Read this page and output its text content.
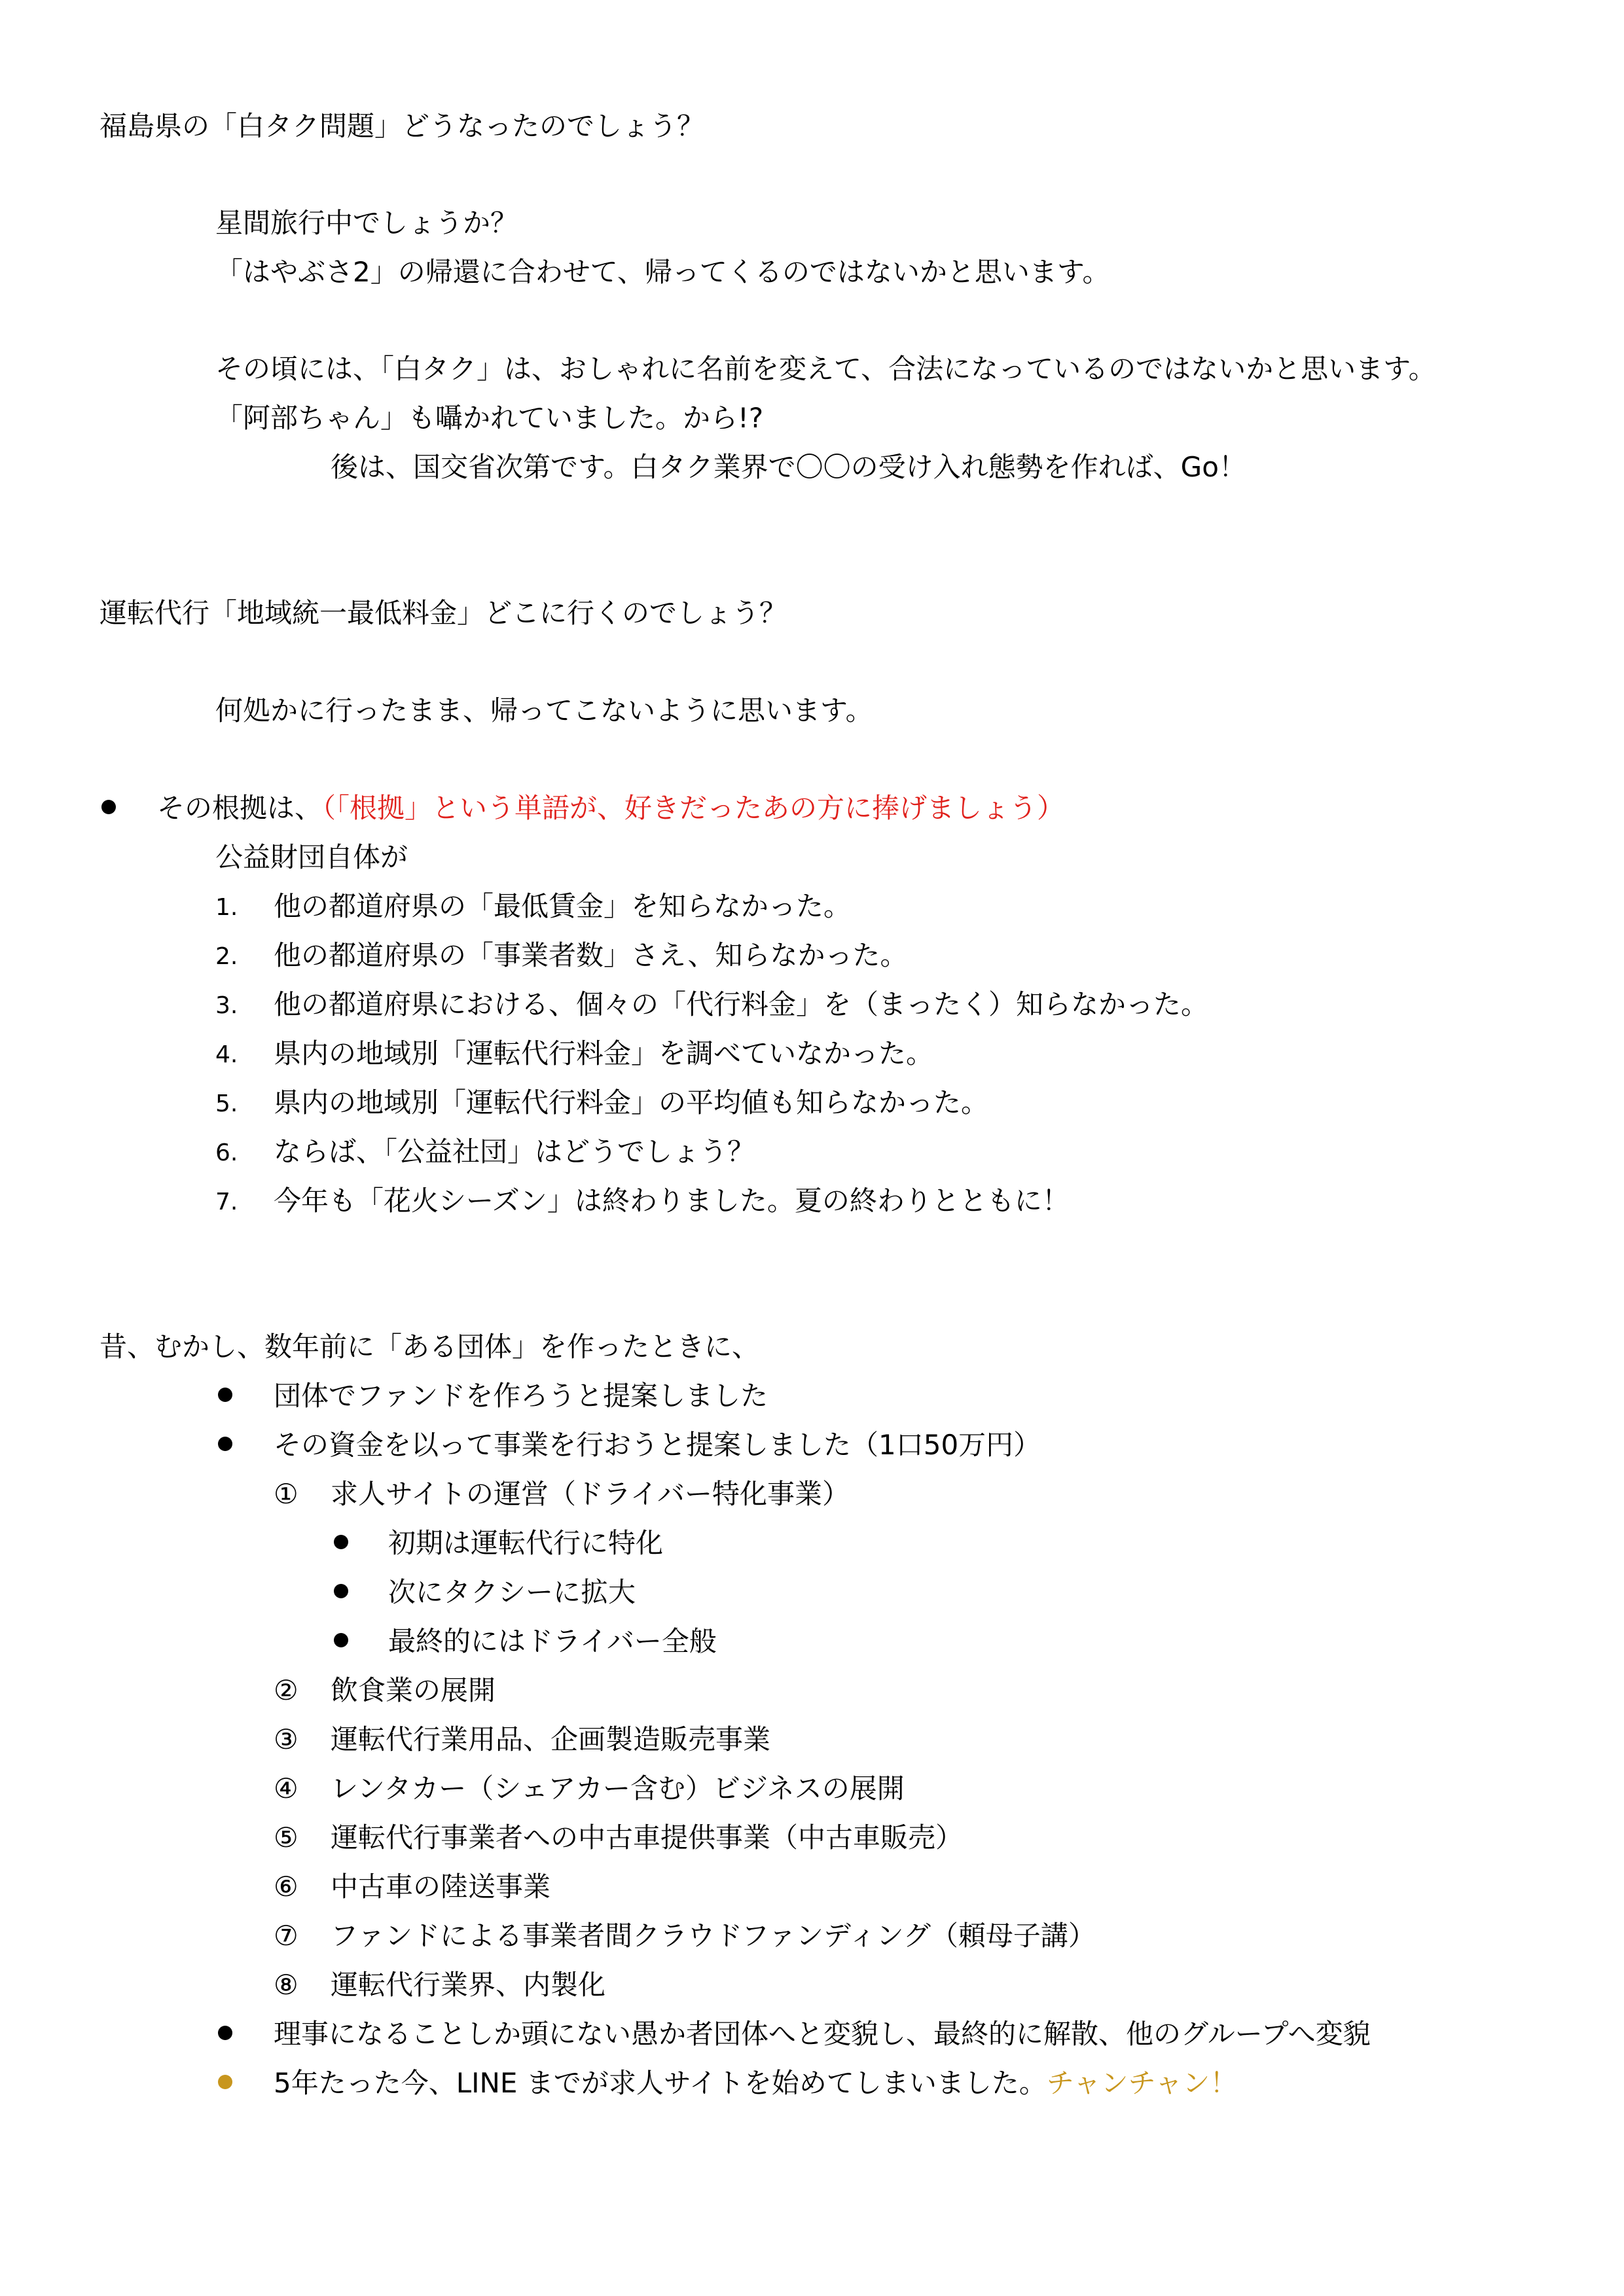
福島県の「白タク問題」どうなったのでしょう？
星間旅行中でしょうか？
「はやぶさ2」の帰還に合わせて、帰ってくるのではないかと思います。
その頃には、「白タク」は、おしゃれに名前を変えて、合法になっているのではないかと思います。
「阿部ちゃん」も囁かれていました。から!?
後は、国交省次第です。白タク業界で〇〇の受け入れ態勢を作れば、Go！
運転代行「地域統一最低料金」どこに行くのでしょう？
何処かに行ったまま、帰ってこないように思います。
その根拠は、（「根拠」という単語が、好きだったあの方に捧げましょう）
公益財団自体が
1. 他の都道府県の「最低賃金」を知らなかった。
2. 他の都道府県の「事業者数」さえ、知らなかった。
3. 他の都道府県における、個々の「代行料金」を（まったく）知らなかった。
4. 県内の地域別「運転代行料金」を調べていなかった。
5. 県内の地域別「運転代行料金」の平均値も知らなかった。
6. ならば、「公益社団」はどうでしょう？
7. 今年も「花火シーズン」は終わりました。夏の終わりとともに！
昔、むかし、数年前に「ある団体」を作ったときに、
団体でファンドを作ろうと提案しました
その資金を以って事業を行おうと提案しました（1口50万円）
① 求人サイトの運営（ドライバー特化事業）
初期は運転代行に特化
次にタクシーに拡大
最終的にはドライバー全般
② 飲食業の展開
③ 運転代行業用品、企画製造販売事業
④ レンタカー（シェアカー含む）ビジネスの展開
⑤ 運転代行事業者への中古車提供事業（中古車販売）
⑥ 中古車の陸送事業
⑦ ファンドによる事業者間クラウドファンディング（頼母子講）
⑧ 運転代行業界、内製化
理事になることしか頭にない愚か者団体へと変貌し、最終的に解散、他のグループへ変貌
5年たった今、LINE までが求人サイトを始めてしまいました。チャンチャン！
